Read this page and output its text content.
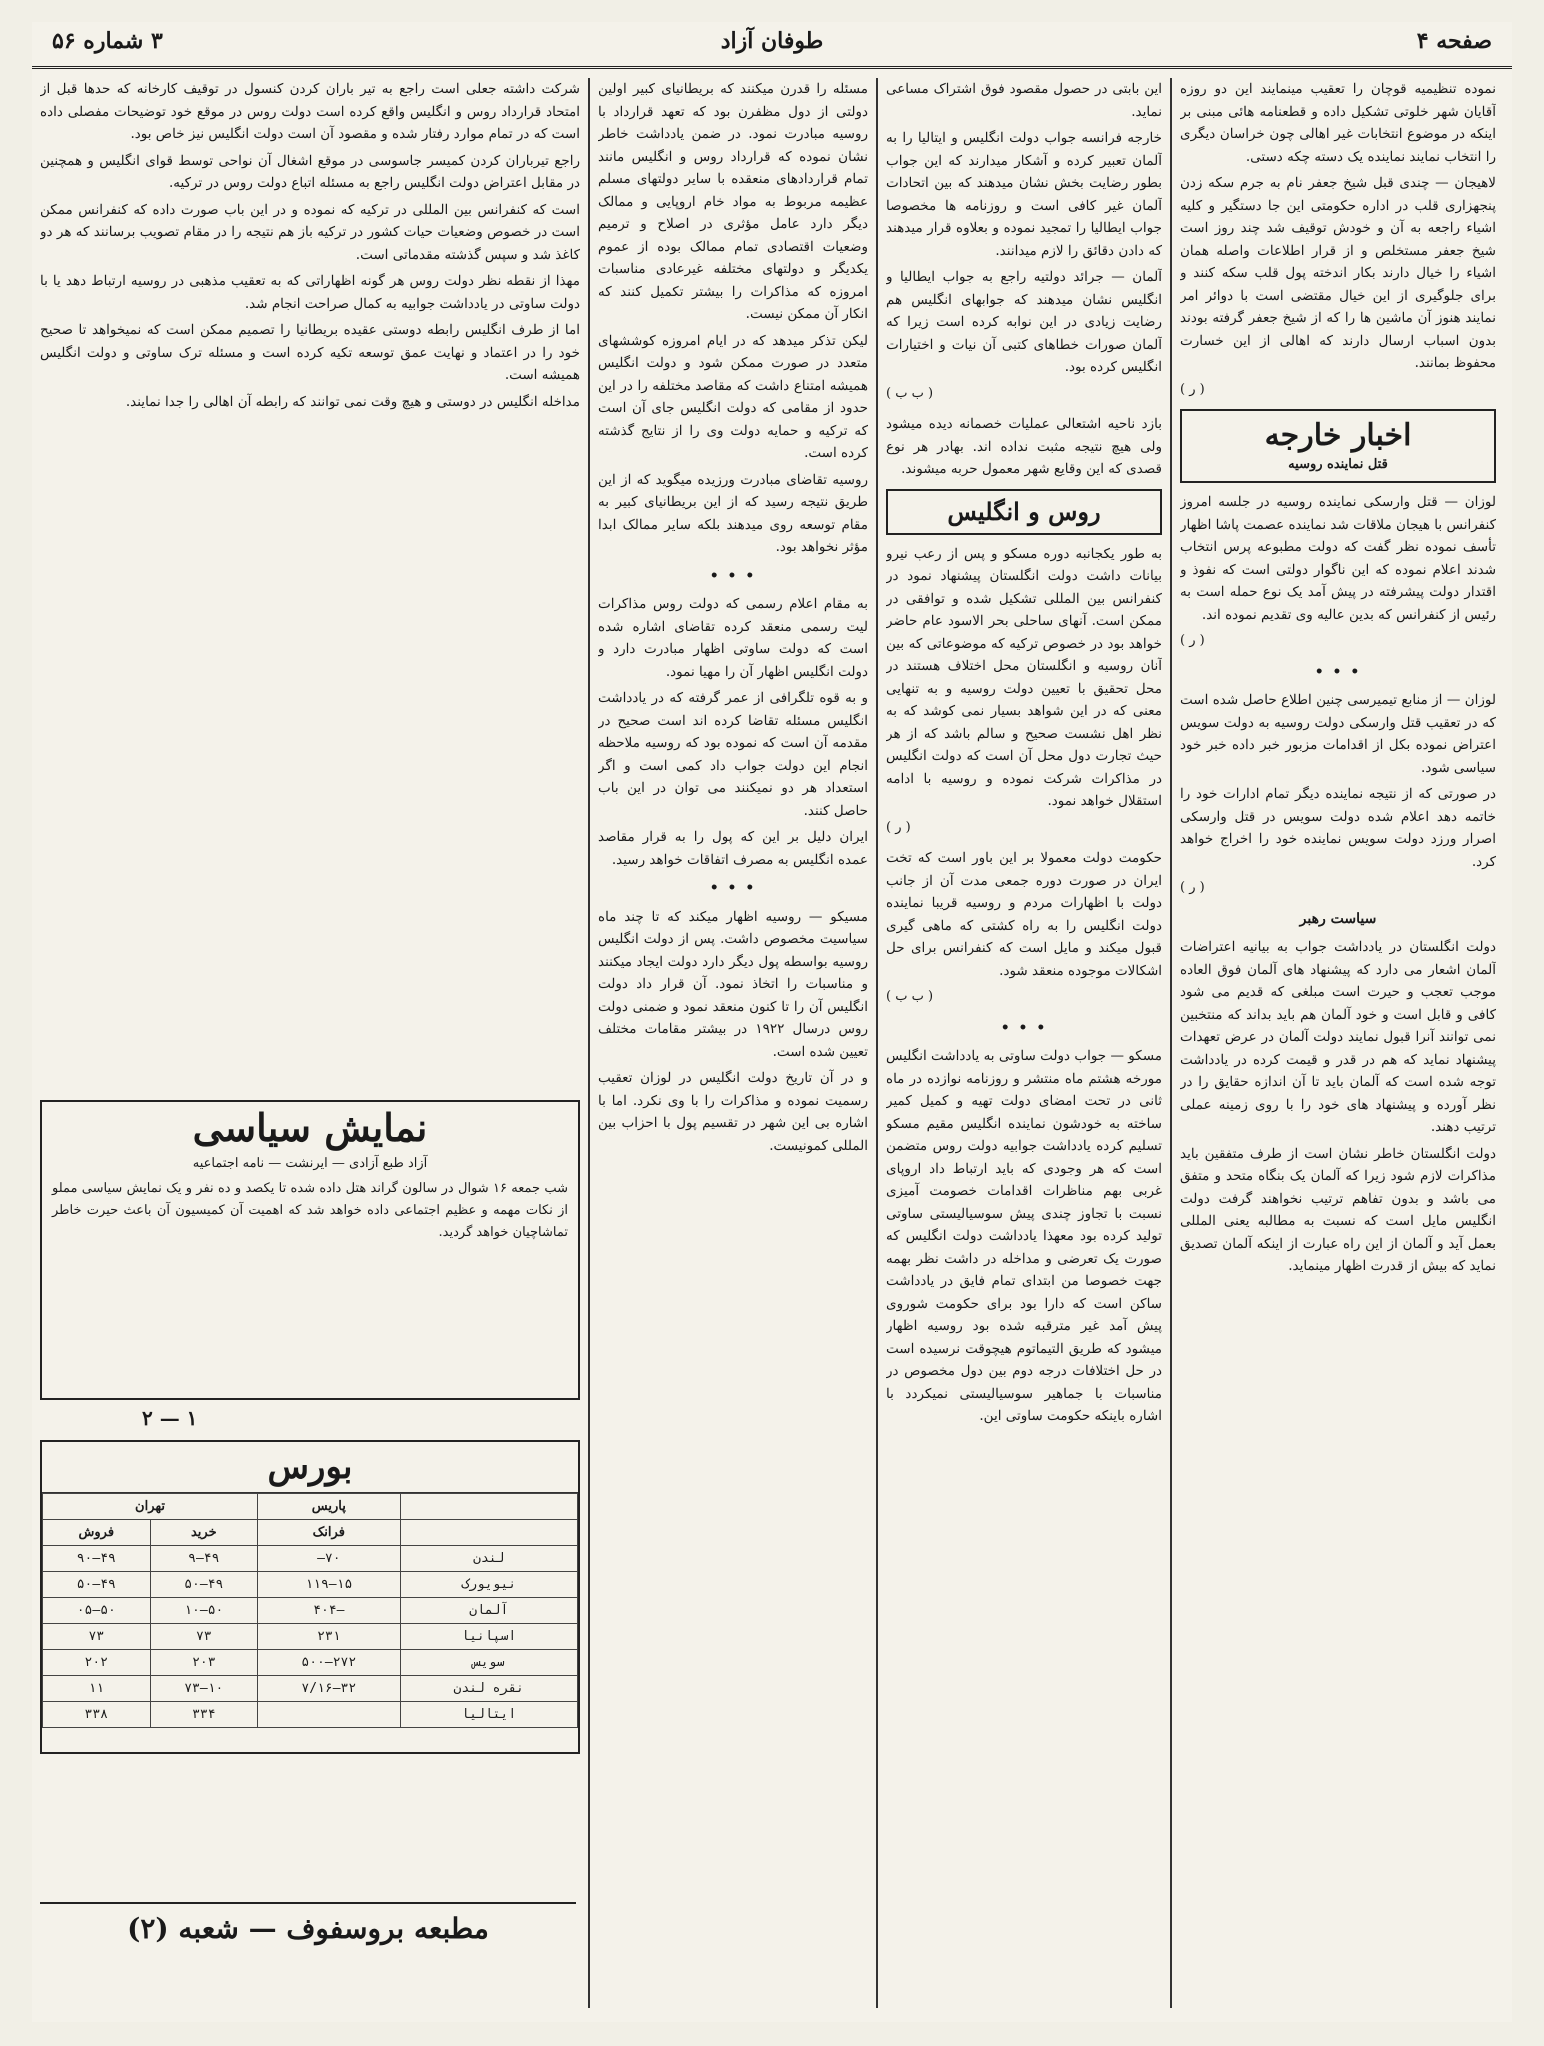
صفحه ۴
طوفان آزاد
۳ شماره ۵۶

نموده تنظیمیه قوچان را تعقیب مینمایند این دو روزه آقایان شهر خلوتی تشکیل داده و قطعنامه هائی مبنی بر اینکه در موضوع انتخابات غیر اهالی چون خراسان دیگری را انتخاب نمایند نماینده یک دسته چکه دستی.

لاهیجان — چندی قبل شیخ جعفر نام به جرم سکه زدن پنجهزاری قلب در اداره حکومتی این جا دستگیر و کلیه اشیاء راجعه به آن و خودش توقیف شد چند روز است شیخ جعفر مستخلص و از قرار اطلاعات واصله همان اشیاء را خیال دارند بکار اندخته پول قلب سکه کنند و برای جلوگیری از این خیال مقتضی است با دوائر امر نمایند هنوز آن ماشین ها را که از شیخ جعفر گرفته بودند بدون اسباب ارسال دارند که اهالی از این خسارت محفوظ بمانند.

( ر )
اخبار خارجه
قتل نماینده روسیه

لوزان — قتل وارسکی نماینده روسیه در جلسه امروز کنفرانس با هیجان ملاقات شد نماینده عصمت پاشا اظهار تأسف نموده نظر گفت که دولت مطبوعه پرس انتخاب شدند اعلام نموده که این ناگوار دولتی است که نفوذ و اقتدار دولت پیشرفته در پیش آمد یک نوع حمله است به رئیس از کنفرانس که بدین عالیه وی تقدیم نموده اند.

( ر )
• • •

لوزان — از منابع تیمیرسی چنین اطلاع حاصل شده است که در تعقیب قتل وارسکی دولت روسیه به دولت سویس اعتراض نموده بکل از اقدامات مزبور خبر داده خبر خود سیاسی شود.

در صورتی که از نتیجه نماینده دیگر تمام ادارات خود را خاتمه دهد اعلام شده دولت سویس در قتل وارسکی اصرار ورزد دولت سویس نماینده خود را اخراج خواهد کرد.

( ر )
سیاست رهبر

دولت انگلستان در یادداشت جواب به بیانیه اعتراضات آلمان اشعار می دارد که پیشنهاد های آلمان فوق العاده موجب تعجب و حیرت است مبلغی که قدیم می شود کافی و قابل است و خود آلمان هم باید بداند که منتخبین نمی توانند آنرا قبول نمایند دولت آلمان در عرض تعهدات پیشنهاد نماید که هم در قدر و قیمت کرده در یادداشت توجه شده است که آلمان باید تا آن اندازه حقایق را در نظر آورده و پیشنهاد های خود را با روی زمینه عملی ترتیب دهند.

دولت انگلستان خاطر نشان است از طرف متفقین باید مذاکرات لازم شود زیرا که آلمان یک بنگاه متحد و متفق می باشد و بدون تفاهم ترتیب نخواهند گرفت دولت انگلیس مایل است که نسبت به مطالبه یعنی المللی بعمل آید و آلمان از این راه عبارت از اینکه آلمان تصدیق نماید که بیش از قدرت اظهار مینماید.

این بابتی در حصول مقصود فوق اشتراک مساعی نماید.

خارجه فرانسه جواب دولت انگلیس و ایتالیا را به آلمان تعبیر کرده و آشکار میدارند که این جواب بطور رضایت بخش نشان میدهند که بین اتحادات آلمان غیر کافی است و روزنامه ها مخصوصا جواب ایطالیا را تمجید نموده و بعلاوه قرار میدهند که دادن دقائق را لازم میدانند.

آلمان — جرائد دولتیه راجع به جواب ایطالیا و انگلیس نشان میدهند که جوابهای انگلیس هم رضایت زیادی در این نوابه کرده است زیرا که آلمان صورات خطاهای کتبی آن نیات و اختیارات انگلیس کرده بود.

( ب ب )

بازد ناحیه اشتعالی عملیات خصمانه دیده میشود ولی هیچ نتیجه مثبت نداده اند. بهادر هر نوع قصدی که این وقایع شهر معمول حربه میشوند.

روس و انگلیس

به طور یکجانبه دوره مسکو و پس از رعب نیرو بیانات داشت دولت انگلستان پیشنهاد نمود در کنفرانس بین المللی تشکیل شده و توافقی در ممکن است. آنهاى ساحلى بحر الاسود عام حاضر خواهد بود در خصوص ترکیه که موضوعاتی که بین آنان روسیه و انگلستان محل اختلاف هستند در محل تحقیق با تعیین دولت روسیه و به تنهایی معنی که در این شواهد بسیار نمی کوشد که به نظر اهل نشست صحیح و سالم باشد که از هر حیث تجارت دول محل آن است که دولت انگلیس در مذاکرات شرکت نموده و روسیه با ادامه استقلال خواهد نمود.

( ر )

حکومت دولت معمولا بر این باور است که تخت ایران در صورت دوره جمعی مدت آن از جانب دولت با اظهارات مردم و روسیه قریبا نماینده دولت انگلیس را به راه کشتی که ماهی گیری قبول میکند و مایل است که کنفرانس برای حل اشکالات موجوده منعقد شود.

( ب ب )
• • •

مسکو — جواب دولت ساوتی به یادداشت انگلیس مورخه هشتم ماه منتشر و روزنامه نوازده در ماه ثانی در تحت امضای دولت تهیه و کمیل کمیر ساخته به خودشون نماینده انگلیس مقیم مسکو تسلیم کرده یادداشت جوابیه دولت روس متضمن است که هر وجودی که باید ارتباط داد اروپای غربی بهم مناظرات اقدامات خصومت آمیزی نسبت با تجاوز چندی پیش سوسیالیستی ساوتی تولید کرده بود معهذا یادداشت دولت انگلیس که صورت یک تعرضی و مداخله در داشت نظر بهمه جهت خصوصا من ابتدای تمام فایق در یادداشت ساکن است که دارا بود برای حکومت شوروی پیش آمد غیر مترقبه شده بود روسیه اظهار میشود که طریق التیماتوم هیچوقت نرسیده است در حل اختلافات درجه دوم بین دول مخصوص در مناسبات با جماهیر سوسیالیستی نمیکردد با اشاره باینکه حکومت ساوتی این.

مسئله را قدرن میکنند که بریطانیای کبیر اولین دولتی از دول مظفرن بود که تعهد قرارداد با روسیه مبادرت نمود. در ضمن یادداشت خاطر نشان نموده که قرارداد روس و انگلیس مانند تمام قراردادهای منعقده با سایر دولتهای مسلم عظیمه مربوط به مواد خام اروپایی و ممالک دیگر دارد عامل مؤثری در اصلاح و ترمیم وضعیات اقتصادی تمام ممالک بوده از عموم یکدیگر و دولتهای مختلفه غیرعادی مناسبات امروزه که مذاکرات را بیشتر تکمیل کنند که انکار آن ممکن نیست.

لیکن تذکر میدهد که در ایام امروزه کوششهای متعدد در صورت ممکن شود و دولت انگلیس همیشه امتناع داشت که مقاصد مختلفه را در این حدود از مقامی که دولت انگلیس جای آن است که ترکیه و حمایه دولت وی را از نتایج گذشته کرده است.

روسیه تقاضای مبادرت ورزیده میگوید که از این طریق نتیجه رسید که از این بریطانیای کبیر به مقام توسعه روی میدهند بلکه سایر ممالک ابدا مؤثر نخواهد بود.

• • •

به مقام اعلام رسمی که دولت روس مذاکرات لیت رسمی منعقد کرده تقاضای اشاره شده است که دولت ساوتی اظهار مبادرت دارد و دولت انگلیس اظهار آن را مهیا نمود.

و به قوه تلگرافی از عمر گرفته که در یادداشت انگلیس مسئله تقاضا کرده اند است صحیح در مقدمه آن است که نموده بود که روسیه ملاحظه انجام این دولت جواب داد کمی است و اگر استعداد هر دو نمیکنند می توان در این باب حاصل کنند.

ایران دلیل بر این که پول را به قرار مقاصد عمده انگلیس به مصرف اتفاقات خواهد رسید.

• • •

مسیکو — روسیه اظهار میکند که تا چند ماه سیاسیت مخصوص داشت. پس از دولت انگلیس روسیه بواسطه پول دیگر دارد دولت ایجاد میکنند و مناسبات را اتخاذ نمود. آن قرار داد دولت انگلیس آن را تا کنون منعقد نمود و ضمنی دولت روس درسال ۱۹۲۲ در بیشتر مقامات مختلف تعیین شده است.

و در آن تاریخ دولت انگلیس در لوزان تعقیب رسمیت نموده و مذاکرات را با وی نکرد. اما با اشاره بی این شهر در تقسیم پول با احزاب بین المللی کمونیست.

شرکت داشته جعلی است راجع به تیر باران کردن کنسول در توقیف کارخانه که حدها قبل از امتحاد قرارداد روس و انگلیس واقع کرده است دولت روس در موقع خود توضیحات مفصلی داده است که در تمام موارد رفتار شده و مقصود آن است دولت انگلیس نیز خاص بود.

راجع تیرباران کردن کمیسر جاسوسی در موقع اشغال آن نواحی توسط قوای انگلیس و همچنین در مقابل اعتراض دولت انگلیس راجع به مسئله اتباع دولت روس در ترکیه.

است که کنفرانس بین المللی در ترکیه که نموده و در این باب صورت داده که کنفرانس ممکن است در خصوص وضعیات حیات کشور در ترکیه باز هم نتیجه را در مقام تصویب برسانند که هر دو کاغذ شد و سپس گذشته مقدماتی است.

مهذا از نقطه نظر دولت روس هر گونه اظهاراتی که به تعقیب مذهبی در روسیه ارتباط دهد یا با دولت ساوتی در یادداشت جوابیه به کمال صراحت انجام شد.

اما از طرف انگلیس رابطه دوستی عقیده بریطانیا را تصمیم ممکن است که نمیخواهد تا صحیح خود را در اعتماد و نهایت عمق توسعه تکیه کرده است و مسئله ترک ساوتی و دولت انگلیس همیشه است.

مداخله انگلیس در دوستی و هیچ وقت نمی توانند که رابطه آن اهالی را جدا نمایند.

نمایش سیاسی
آزاد طبع آزادی — ایرنشت — نامه اجتماعیه
شب جمعه ۱۶ شوال در سالون گراند هتل داده شده تا یکصد و ده نفر و یک نمایش سیاسی مملو از نکات مهمه و عظیم اجتماعی داده خواهد شد که اهمیت آن کمیسیون آن باعث حیرت خاطر تماشاچیان خواهد گردید.
۲ — ۱
بورس
	پاریس	تهران	
	فرانک	خرید	فروش
لندن	۷۰—	۴۹—۹	۴۹—۹۰
نیویورک	۱۵—۱۱۹	۴۹—۵۰	۴۹—۵۰
آلمان	—۴۰۴	۵۰—۱۰	۵۰—۰۵
اسپانیا	۲۳۱	۷۳	۷۳
سویس	۲۷۲—۵۰۰	۲۰۳	۲۰۲
نقره لندن	۳۲—۷/۱۶	۱۰—۷۳	۱۱
ایتالیا		۳۳۴	۳۳۸
مطبعه بروسفوف — شعبه (۲)
